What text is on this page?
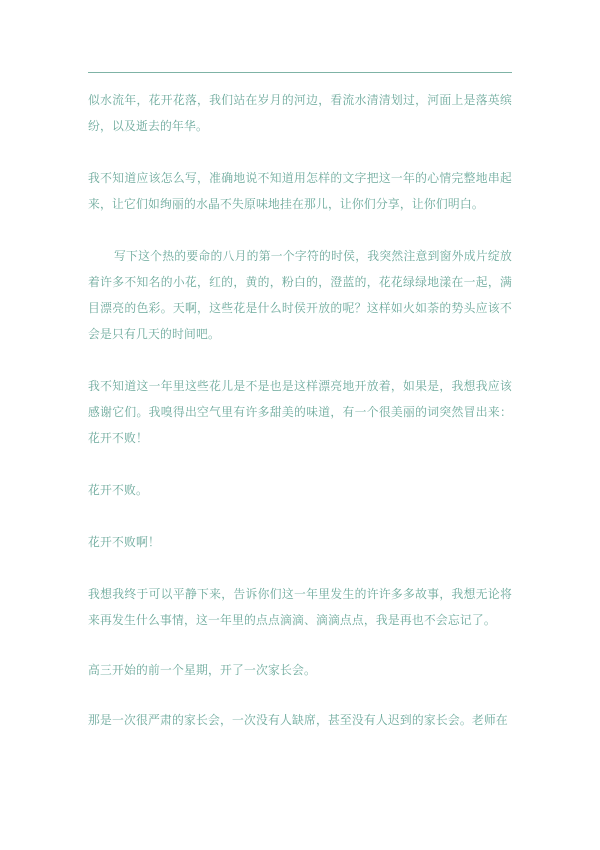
似水流年，花开花落，我们站在岁月的河边，看流水清清划过，河面上是落英缤纷，以及逝去的年华。

我不知道应该怎么写，准确地说不知道用怎样的文字把这一年的心情完整地串起来，让它们如绚丽的水晶不失原味地挂在那儿，让你们分享，让你们明白。

写下这个热的要命的八月的第一个字符的时侯，我突然注意到窗外成片绽放着许多不知名的小花，红的，黄的，粉白的，澄蓝的，花花绿绿地漾在一起，满目漂亮的色彩。天啊，这些花是什么时侯开放的呢？这样如火如荼的势头应该不会是只有几天的时间吧。

我不知道这一年里这些花儿是不是也是这样漂亮地开放着，如果是，我想我应该感谢它们。我嗅得出空气里有许多甜美的味道，有一个很美丽的词突然冒出来：花开不败！

花开不败。

花开不败啊！

我想我终于可以平静下来，告诉你们这一年里发生的许许多多故事，我想无论将来再发生什么事情，这一年里的点点滴滴、滴滴点点，我是再也不会忘记了。

高三开始的前一个星期，开了一次家长会。

那是一次很严肃的家长会，一次没有人缺席，甚至没有人迟到的家长会。老师在
